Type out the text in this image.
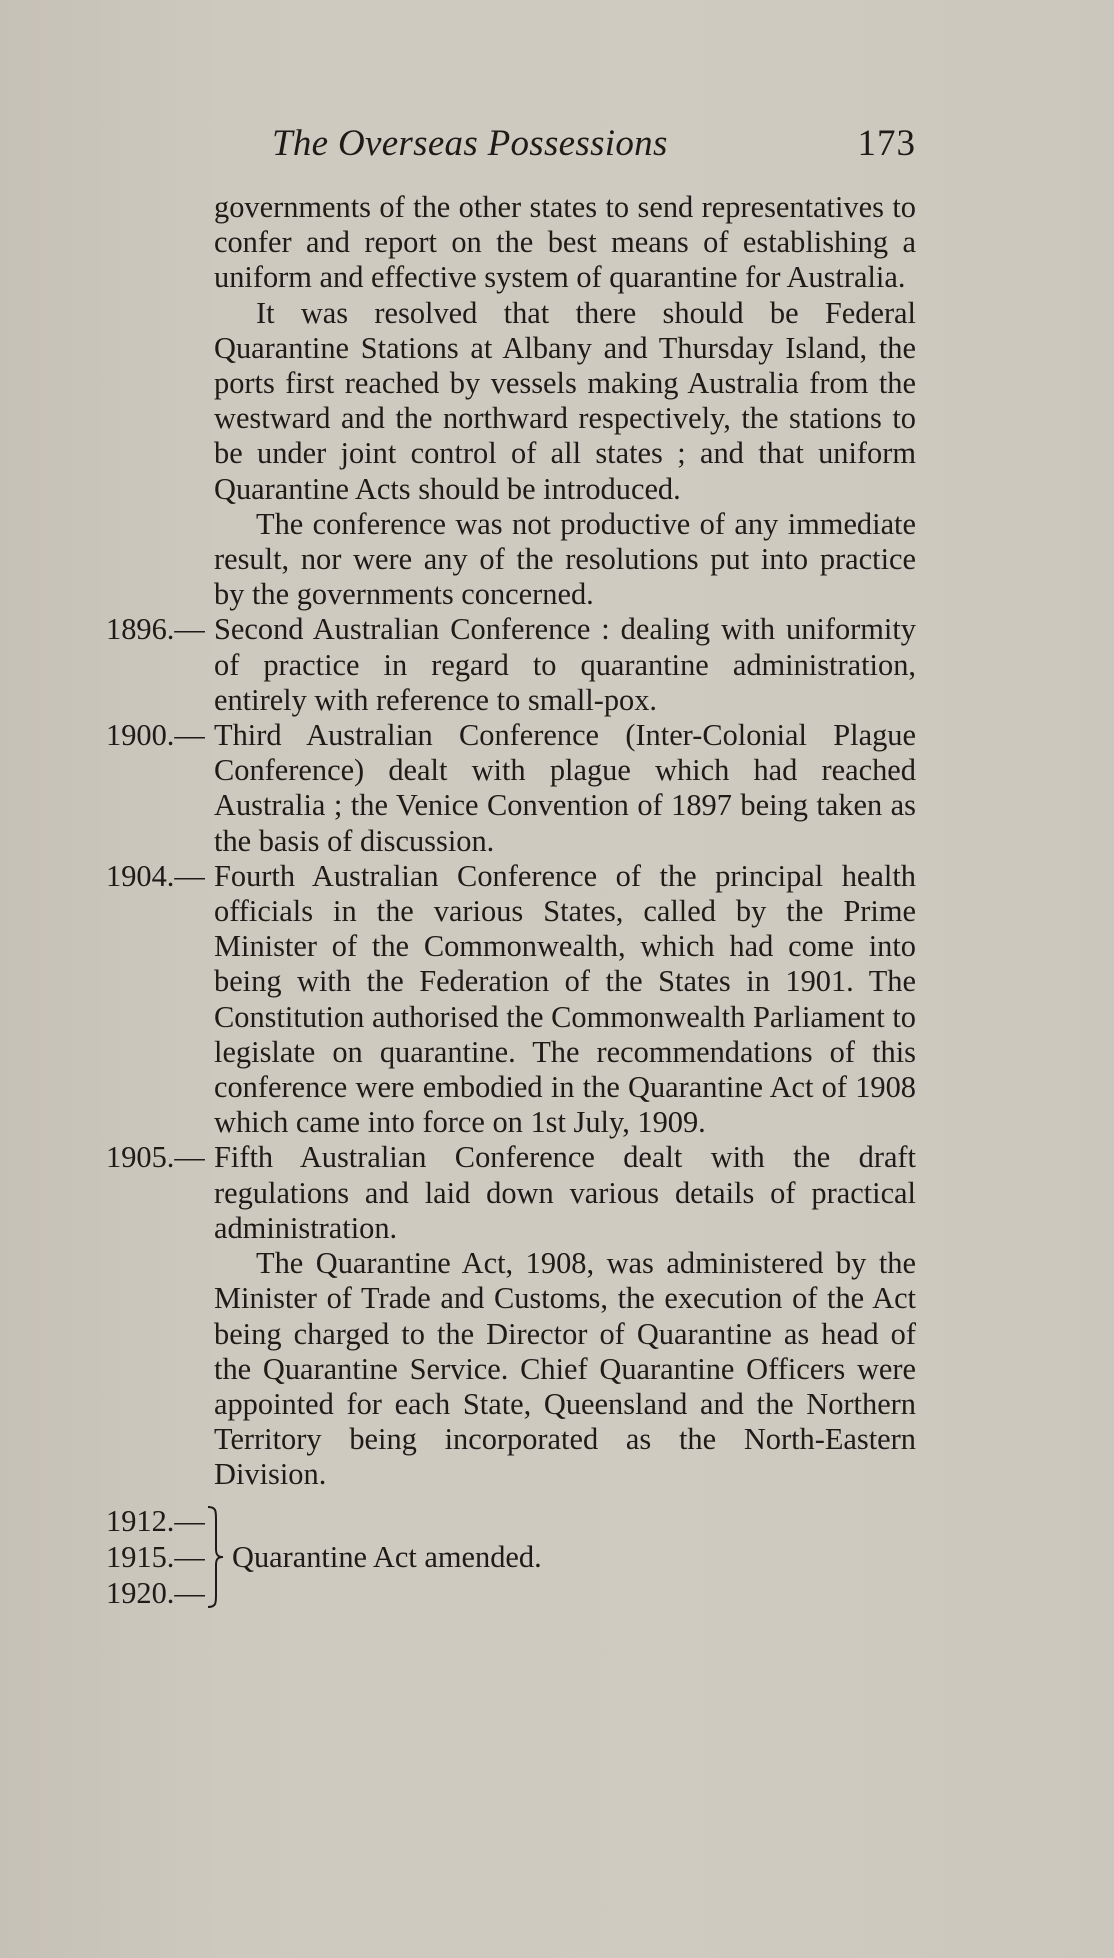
The Overseas Possessions	173

governments of the other states to send representatives to confer and report on the best means of establishing a uniform and effective system of quarantine for Australia.

It was resolved that there should be Federal Quarantine Stations at Albany and Thursday Island, the ports first reached by vessels making Australia from the westward and the northward respectively, the stations to be under joint control of all states ; and that uniform Quarantine Acts should be introduced.

The conference was not productive of any immediate result, nor were any of the resolutions put into practice by the governments concerned.

1896.— Second Australian Conference : dealing with uniformity of practice in regard to quarantine administration, entirely with reference to small-pox.
1900.— Third Australian Conference (Inter-Colonial Plague Conference) dealt with plague which had reached Australia ; the Venice Convention of 1897 being taken as the basis of discussion.
1904.— Fourth Australian Conference of the principal health officials in the various States, called by the Prime Minister of the Commonwealth, which had come into being with the Federation of the States in 1901. The Constitution authorised the Commonwealth Parliament to legislate on quarantine. The recommendations of this conference were embodied in the Quarantine Act of 1908 which came into force on 1st July, 1909.
1905.— Fifth Australian Conference dealt with the draft regulations and laid down various details of practical administration.

The Quarantine Act, 1908, was administered by the Minister of Trade and Customs, the execution of the Act being charged to the Director of Quarantine as head of the Quarantine Service. Chief Quarantine Officers were appointed for each State, Queensland and the Northern Territory being incorporated as the North-Eastern Division.

1912.—
1915.—
1920.—
Quarantine Act amended.
